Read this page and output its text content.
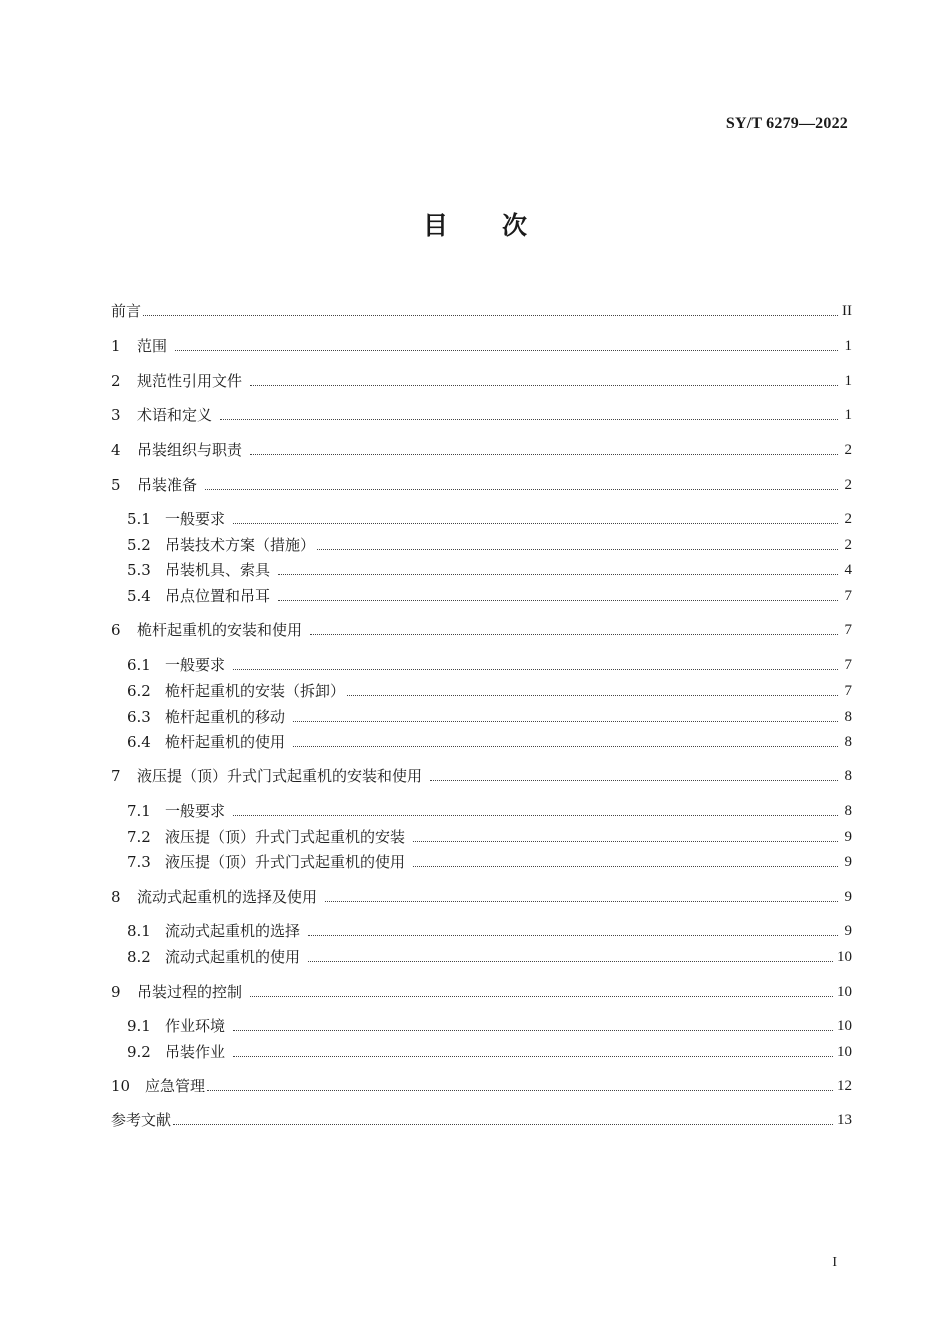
SY/T 6279—2022
目 次
前言	II
1	范围	1
2	规范性引用文件	1
3	术语和定义	1
4	吊装组织与职责	2
5	吊装准备	2
5.1 一般要求	2
5.2 吊装技术方案（措施）	2
5.3 吊装机具、索具	4
5.4 吊点位置和吊耳	7
6	桅杆起重机的安装和使用	7
6.1 一般要求	7
6.2 桅杆起重机的安装（拆卸）	7
6.3 桅杆起重机的移动	8
6.4 桅杆起重机的使用	8
7	液压提（顶）升式门式起重机的安装和使用	8
7.1 一般要求	8
7.2 液压提（顶）升式门式起重机的安装	9
7.3 液压提（顶）升式门式起重机的使用	9
8	流动式起重机的选择及使用	9
8.1 流动式起重机的选择	9
8.2 流动式起重机的使用	10
9	吊装过程的控制	10
9.1 作业环境	10
9.2 吊装作业	10
10 应急管理	12
参考文献	13
I
